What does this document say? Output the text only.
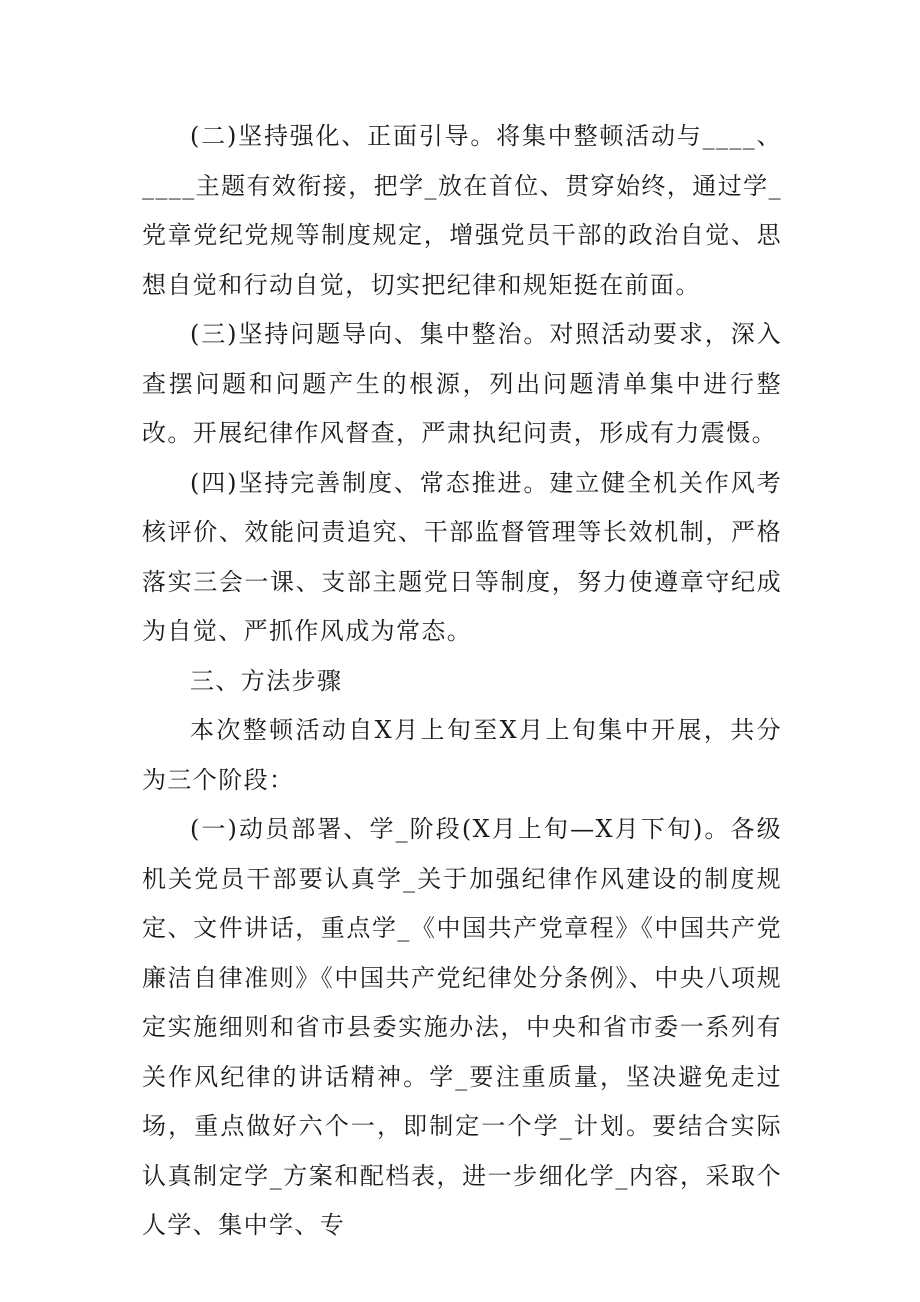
(二)坚持强化、正面引导。将集中整顿活动与____、____主题有效衔接，把学_放在首位、贯穿始终，通过学_党章党纪党规等制度规定，增强党员干部的政治自觉、思想自觉和行动自觉，切实把纪律和规矩挺在前面。

(三)坚持问题导向、集中整治。对照活动要求，深入查摆问题和问题产生的根源，列出问题清单集中进行整改。开展纪律作风督查，严肃执纪问责，形成有力震慑。

(四)坚持完善制度、常态推进。建立健全机关作风考核评价、效能问责追究、干部监督管理等长效机制，严格落实三会一课、支部主题党日等制度，努力使遵章守纪成为自觉、严抓作风成为常态。

三、方法步骤

本次整顿活动自X月上旬至X月上旬集中开展，共分为三个阶段：

(一)动员部署、学_阶段(X月上旬—X月下旬)。各级机关党员干部要认真学_关于加强纪律作风建设的制度规定、文件讲话，重点学_《中国共产党章程》《中国共产党廉洁自律准则》《中国共产党纪律处分条例》、中央八项规定实施细则和省市县委实施办法，中央和省市委一系列有关作风纪律的讲话精神。学_要注重质量，坚决避免走过场，重点做好六个一，即制定一个学_计划。要结合实际认真制定学_方案和配档表，进一步细化学_内容，采取个人学、集中学、专
